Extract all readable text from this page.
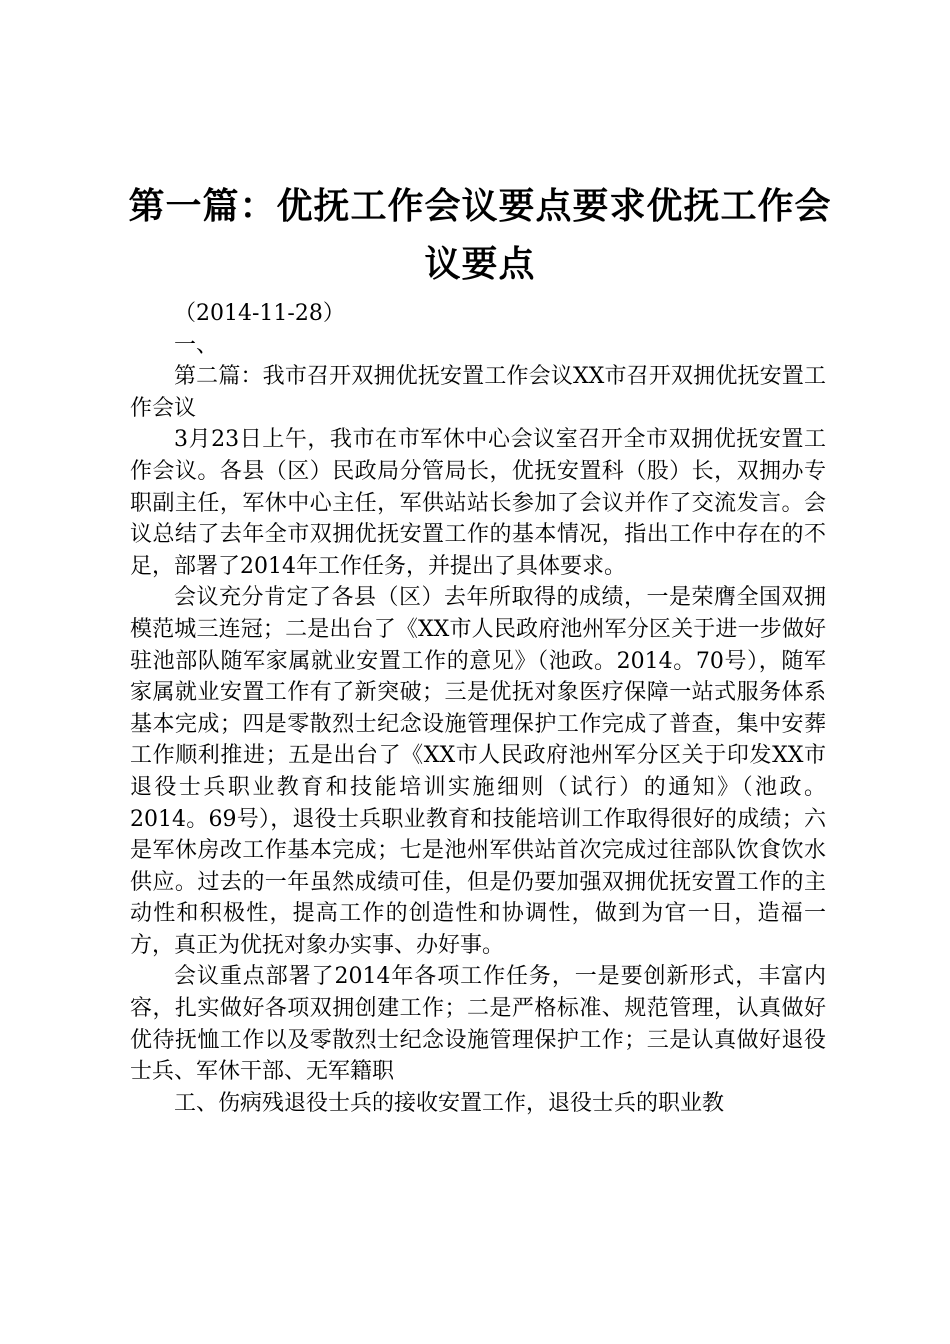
第一篇：优抚工作会议要点要求优抚工作会议要点

（2014-11-28）

一、

第二篇：我市召开双拥优抚安置工作会议XX市召开双拥优抚安置工作会议

3月23日上午，我市在市军休中心会议室召开全市双拥优抚安置工作会议。各县（区）民政局分管局长，优抚安置科（股）长，双拥办专职副主任，军休中心主任，军供站站长参加了会议并作了交流发言。会议总结了去年全市双拥优抚安置工作的基本情况，指出工作中存在的不足，部署了2014年工作任务，并提出了具体要求。

会议充分肯定了各县（区）去年所取得的成绩，一是荣膺全国双拥模范城三连冠；二是出台了《XX市人民政府池州军分区关于进一步做好驻池部队随军家属就业安置工作的意见》（池政。2014。70号），随军家属就业安置工作有了新突破；三是优抚对象医疗保障一站式服务体系基本完成；四是零散烈士纪念设施管理保护工作完成了普查，集中安葬工作顺利推进；五是出台了《XX市人民政府池州军分区关于印发XX市退役士兵职业教育和技能培训实施细则（试行）的通知》（池政。2014。69号），退役士兵职业教育和技能培训工作取得很好的成绩；六是军休房改工作基本完成；七是池州军供站首次完成过往部队饮食饮水供应。过去的一年虽然成绩可佳，但是仍要加强双拥优抚安置工作的主动性和积极性，提高工作的创造性和协调性，做到为官一日，造福一方，真正为优抚对象办实事、办好事。

会议重点部署了2014年各项工作任务，一是要创新形式，丰富内容，扎实做好各项双拥创建工作；二是严格标准、规范管理，认真做好优待抚恤工作以及零散烈士纪念设施管理保护工作；三是认真做好退役士兵、军休干部、无军籍职

工、伤病残退役士兵的接收安置工作，退役士兵的职业教
